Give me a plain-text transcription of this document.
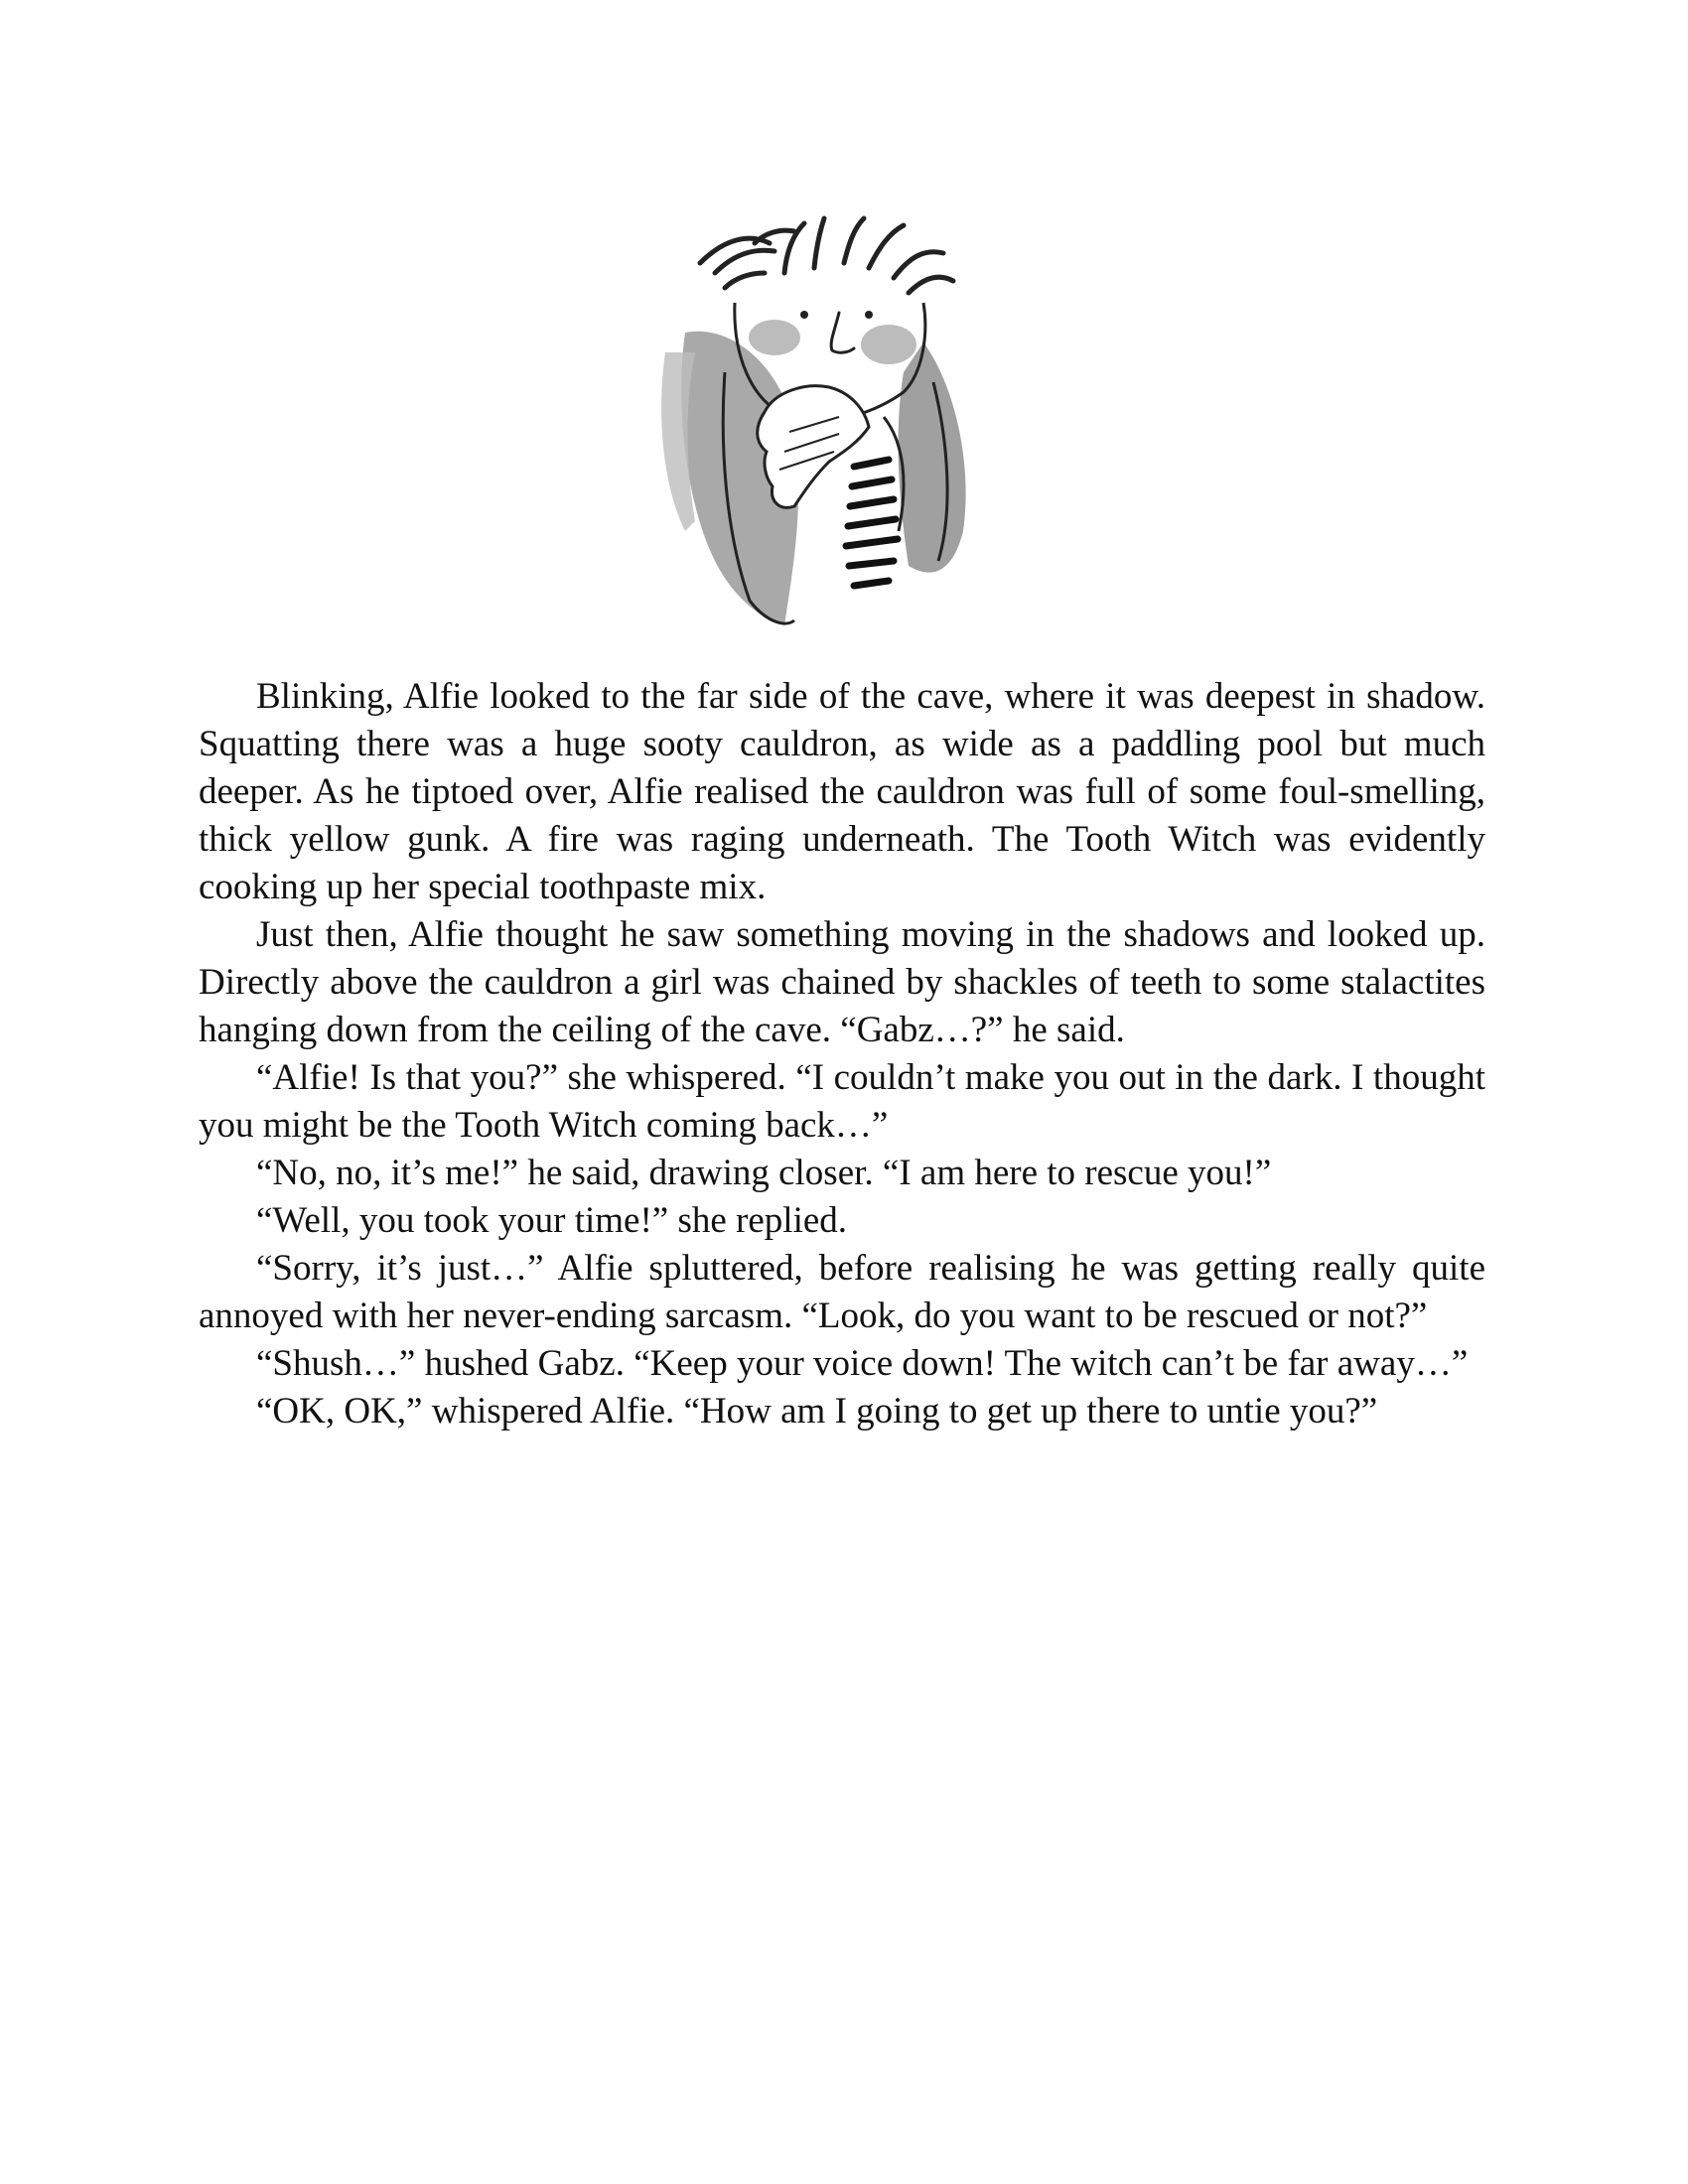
Blinking, Alfie looked to the far side of the cave, where it was deepest in shadow. Squatting there was a huge sooty cauldron, as wide as a paddling pool but much deeper. As he tiptoed over, Alfie realised the cauldron was full of some foul-smelling, thick yellow gunk. A fire was raging underneath. The Tooth Witch was evidently cooking up her special toothpaste mix.

Just then, Alfie thought he saw something moving in the shadows and looked up. Directly above the cauldron a girl was chained by shackles of teeth to some stalactites hanging down from the ceiling of the cave. “Gabz…?” he said.

“Alfie! Is that you?” she whispered. “I couldn’t make you out in the dark. I thought you might be the Tooth Witch coming back…”

“No, no, it’s me!” he said, drawing closer. “I am here to rescue you!”

“Well, you took your time!” she replied.

“Sorry, it’s just…” Alfie spluttered, before realising he was getting really quite annoyed with her never-ending sarcasm. “Look, do you want to be rescued or not?”

“Shush…” hushed Gabz. “Keep your voice down! The witch can’t be far away…”

“OK, OK,” whispered Alfie. “How am I going to get up there to untie you?”
